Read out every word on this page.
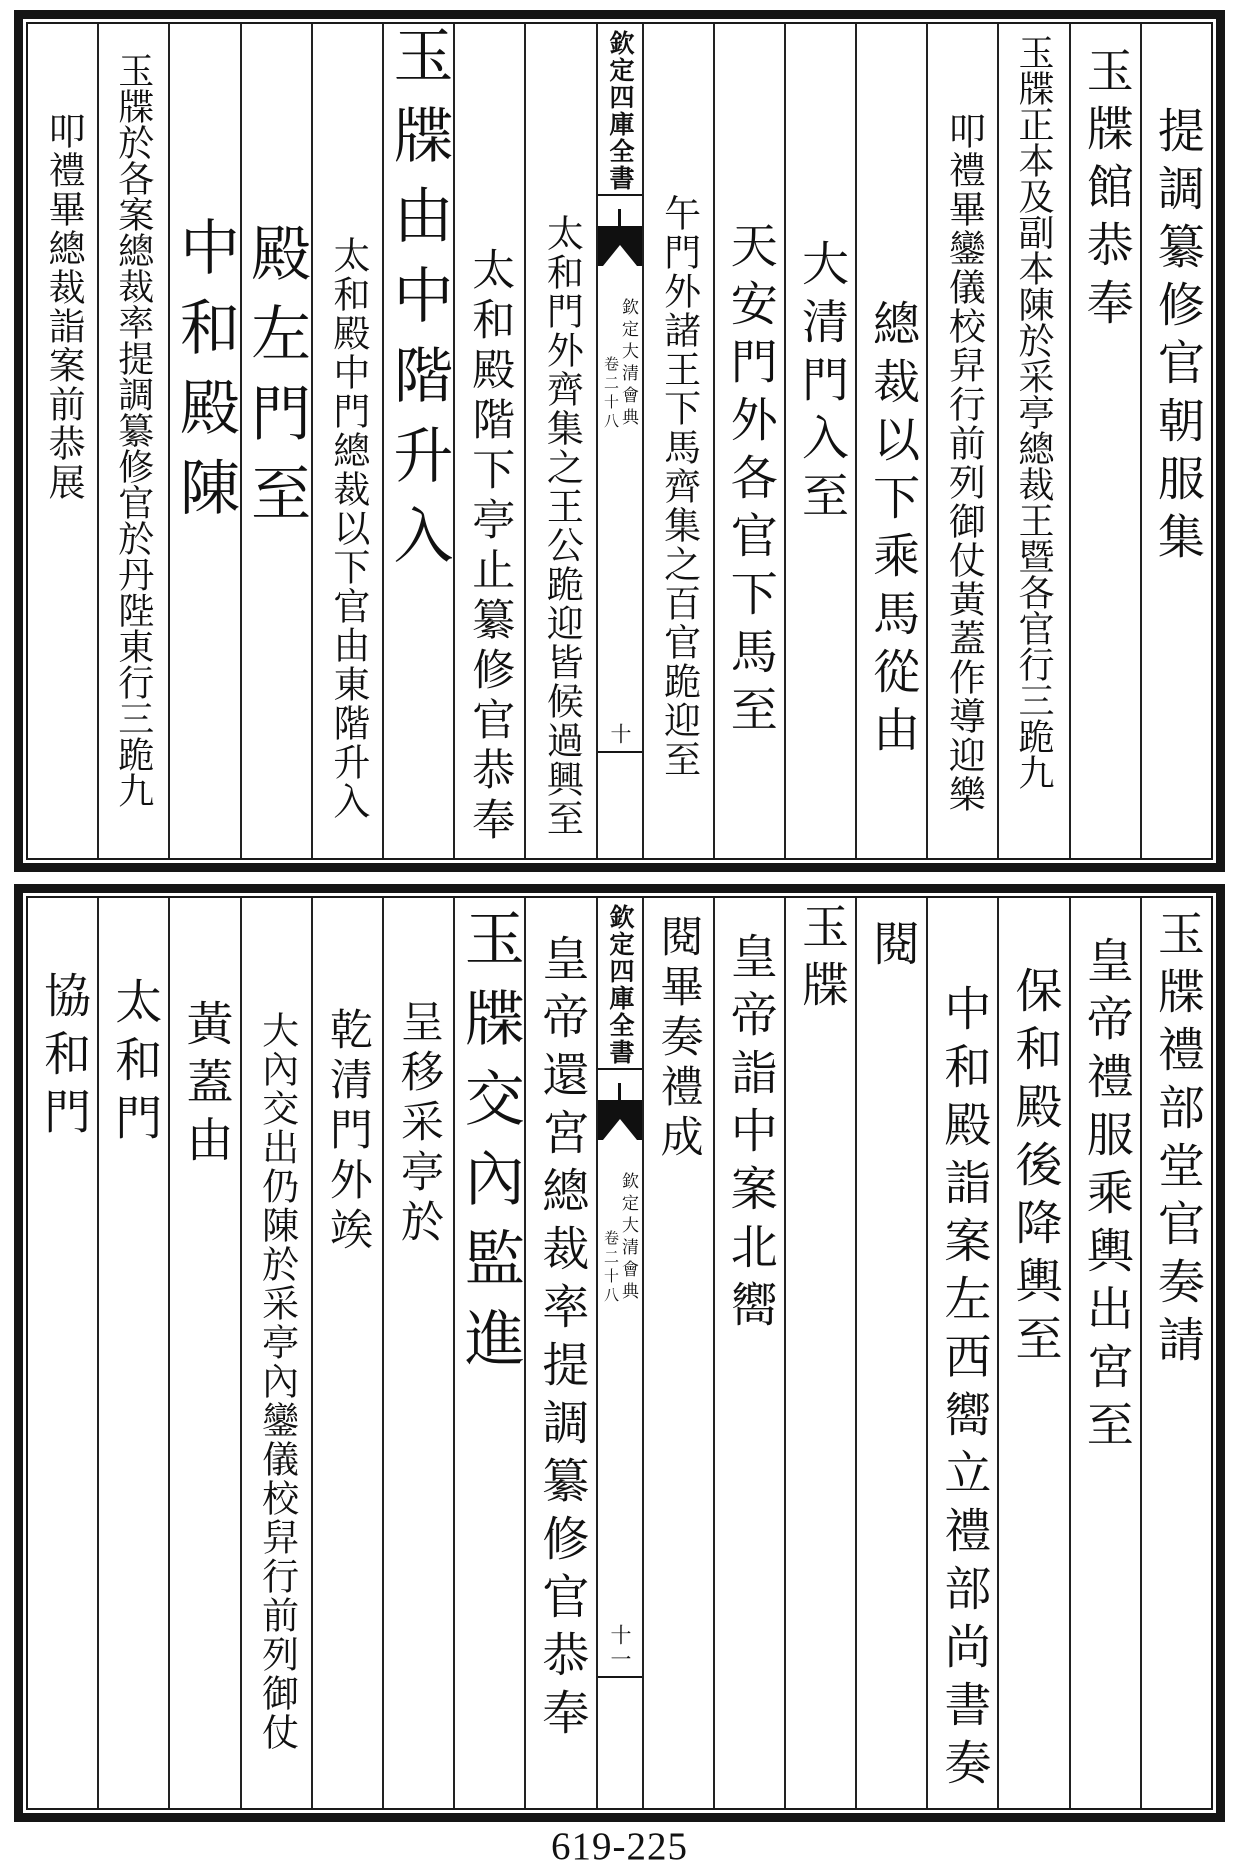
提調纂修官朝服集
玉牒館恭奉
玉牒正本及副本陳於采亭總裁王暨各官行三跪九
叩禮畢鑾儀校舁行前列御仗黃蓋作導迎樂
總裁以下乘馬從由
大清門入至
天安門外各官下馬至
午門外諸王下馬齊集之百官跪迎至
欽定四庫全書
欽定大清會典
卷二十八
十
太和門外齊集之王公跪迎皆候過興至
太和殿階下亭止纂修官恭奉
玉牒由中階升入
太和殿中門總裁以下官由東階升入
殿左門至
中和殿陳
玉牒於各案總裁率提調纂修官於丹陛東行三跪九
叩禮畢總裁詣案前恭展
玉牒禮部堂官奏請
皇帝禮服乘輿出宮至
保和殿後降輿至
中和殿詣案左西嚮立禮部尚書奏
閱
玉牒
皇帝詣中案北嚮
閱畢奏禮成
欽定四庫全書
欽定大清會典
卷二十八
十一
皇帝還宮總裁率提調纂修官恭奉
玉牒交內監進
呈移采亭於
乾清門外竢
大內交出仍陳於采亭內鑾儀校舁行前列御仗
黃蓋由
太和門
協和門
619-225
